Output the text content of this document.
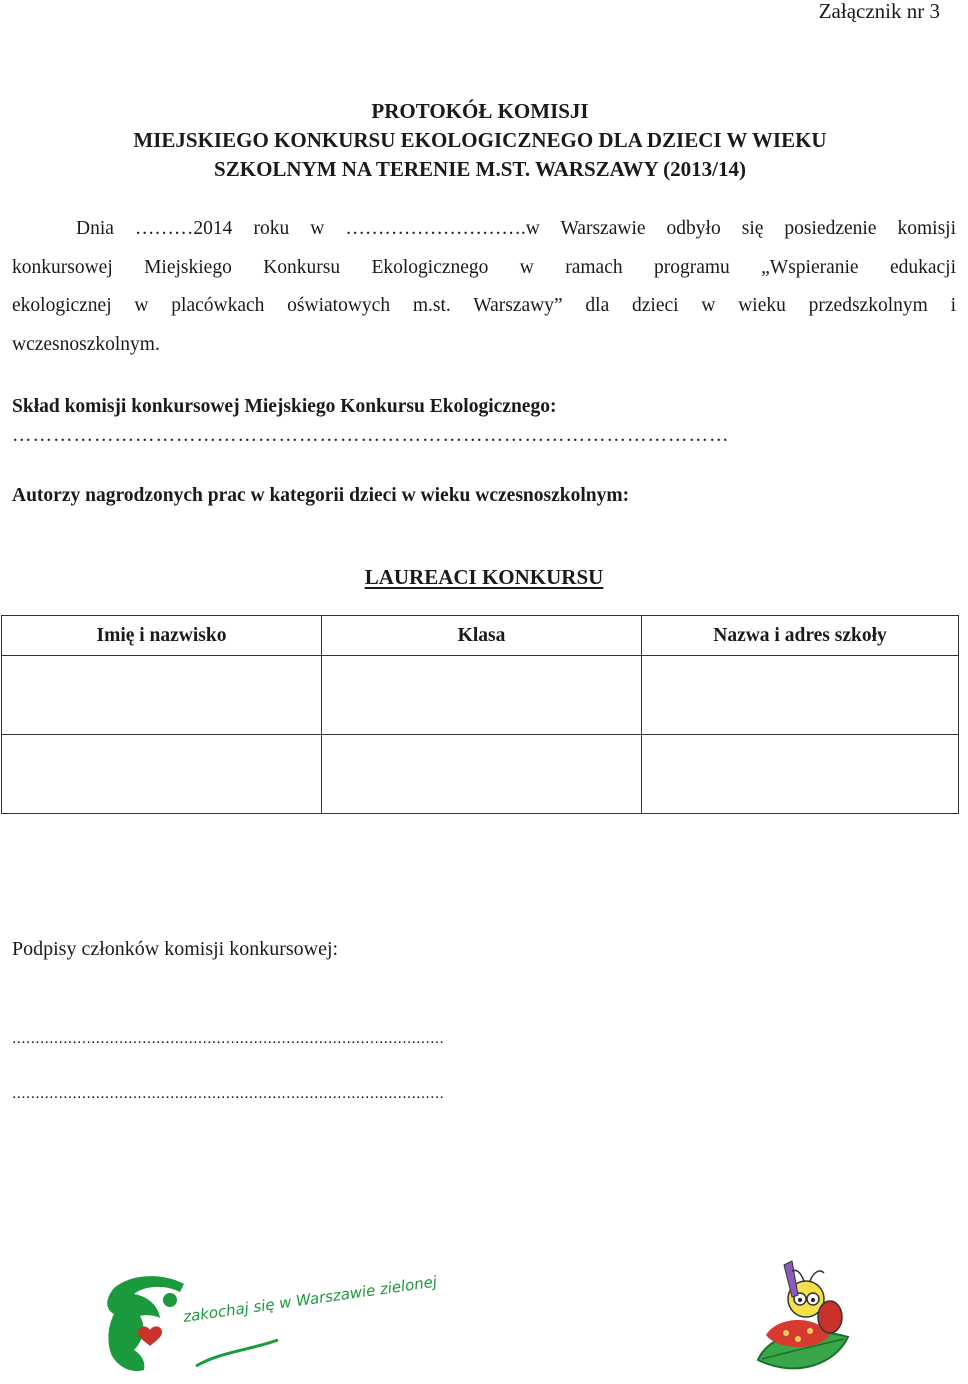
Załącznik nr 3
PROTOKÓŁ KOMISJI
MIEJSKIEGO KONKURSU EKOLOGICZNEGO DLA DZIECI W WIEKU
SZKOLNYM NA TERENIE M.ST. WARSZAWY (2013/14)
Dnia ………2014 roku w ……………………….w Warszawie odbyło się posiedzenie komisji
konkursowej Miejskiego Konkursu Ekologicznego w ramach programu „Wspieranie edukacji
ekologicznej w placówkach oświatowych m.st. Warszawy” dla dzieci w wieku przedszkolnym i
wczesnoszkolnym.
Skład komisji konkursowej Miejskiego Konkursu Ekologicznego:
……………………………………………………………………………………………
Autorzy nagrodzonych prac w kategorii dzieci w wieku wczesnoszkolnym:
LAUREACI KONKURSU
Imię i nazwisko	Klasa	Nazwa i adres szkoły

Podpisy członków komisji konkursowej:
.............................................................................................
.............................................................................................
zakochaj się w Warszawie zielonej
